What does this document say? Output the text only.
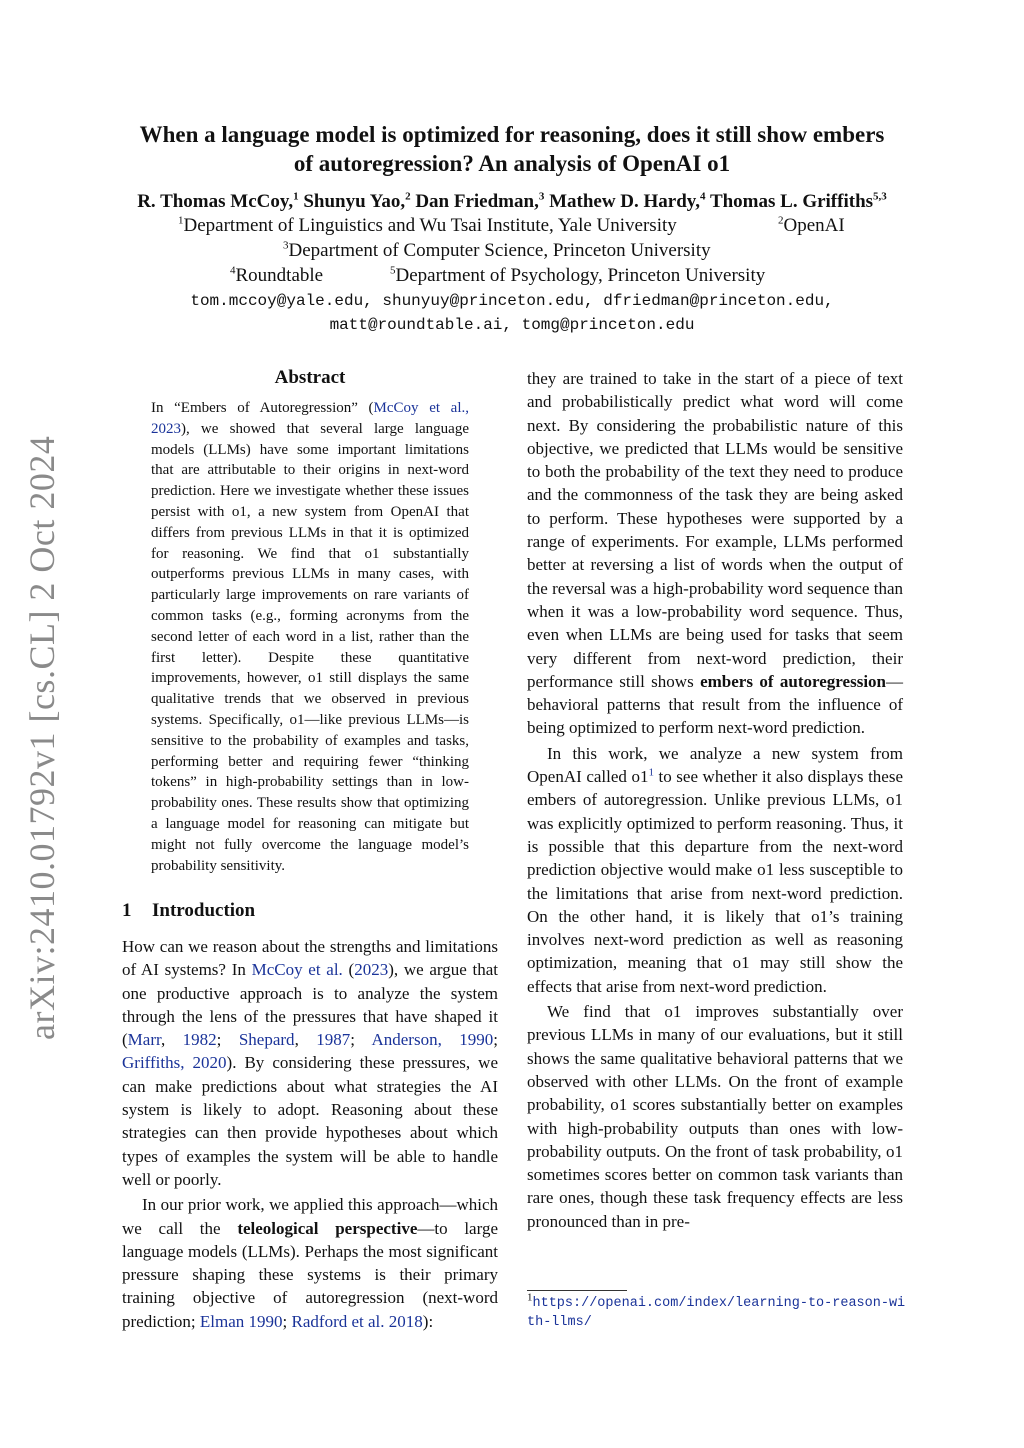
arXiv:2410.01792v1 [cs.CL] 2 Oct 2024
When a language model is optimized for reasoning, does it still show embers
of autoregression? An analysis of OpenAI o1
R. Thomas McCoy,$^1$ Shunyu Yao,$^2$ Dan Friedman,$^3$ Mathew D. Hardy,$^4$ Thomas L. Griffiths$^{5,3}$
$^1$Department of Linguistics and Wu Tsai Institute, Yale University	$^2$OpenAI
$^3$Department of Computer Science, Princeton University
$^4$Roundtable	$^5$Department of Psychology, Princeton University
tom.mccoy@yale.edu, shunyuy@princeton.edu, dfriedman@princeton.edu,
matt@roundtable.ai, tomg@princeton.edu
Abstract
In “Embers of Autoregression” (McCoy et al., 2023), we showed that several large language models (LLMs) have some important limitations that are attributable to their origins in next-word prediction. Here we investigate whether these issues persist with o1, a new system from OpenAI that differs from previous LLMs in that it is optimized for reasoning. We find that o1 substantially outperforms previous LLMs in many cases, with particularly large improvements on rare variants of common tasks (e.g., forming acronyms from the second letter of each word in a list, rather than the first letter). Despite these quantitative improvements, however, o1 still displays the same qualitative trends that we observed in previous systems. Specifically, o1—like previous LLMs—is sensitive to the probability of examples and tasks, performing better and requiring fewer “thinking tokens” in high-probability settings than in low-probability ones. These results show that optimizing a language model for reasoning can mitigate but might not fully overcome the language model’s probability sensitivity.
1 Introduction

How can we reason about the strengths and limitations of AI systems? In McCoy et al. (2023), we argue that one productive approach is to analyze the system through the lens of the pressures that have shaped it (Marr, 1982; Shepard, 1987; Anderson, 1990; Griffiths, 2020). By considering these pressures, we can make predictions about what strategies the AI system is likely to adopt. Reasoning about these strategies can then provide hypotheses about which types of examples the system will be able to handle well or poorly.

In our prior work, we applied this approach—which we call the teleological perspective—to large language models (LLMs). Perhaps the most significant pressure shaping these systems is their primary training objective of autoregression (next-word prediction; Elman 1990; Radford et al. 2018):

they are trained to take in the start of a piece of text and probabilistically predict what word will come next. By considering the probabilistic nature of this objective, we predicted that LLMs would be sensitive to both the probability of the text they need to produce and the commonness of the task they are being asked to perform. These hypotheses were supported by a range of experiments. For example, LLMs performed better at reversing a list of words when the output of the reversal was a high-probability word sequence than when it was a low-probability word sequence. Thus, even when LLMs are being used for tasks that seem very different from next-word prediction, their performance still shows embers of autoregression—behavioral patterns that result from the influence of being optimized to perform next-word prediction.

In this work, we analyze a new system from OpenAI called o1$^1$ to see whether it also displays these embers of autoregression. Unlike previous LLMs, o1 was explicitly optimized to perform reasoning. Thus, it is possible that this departure from the next-word prediction objective would make o1 less susceptible to the limitations that arise from next-word prediction. On the other hand, it is likely that o1’s training involves next-word prediction as well as reasoning optimization, meaning that o1 may still show the effects that arise from next-word prediction.

We find that o1 improves substantially over previous LLMs in many of our evaluations, but it still shows the same qualitative behavioral patterns that we observed with other LLMs. On the front of example probability, o1 scores substantially better on examples with high-probability outputs than ones with low-probability outputs. On the front of task probability, o1 sometimes scores better on common task variants than rare ones, though these task frequency effects are less pronounced than in pre-

$^1$https://openai.com/index/learning-to-reason-with-llms/
